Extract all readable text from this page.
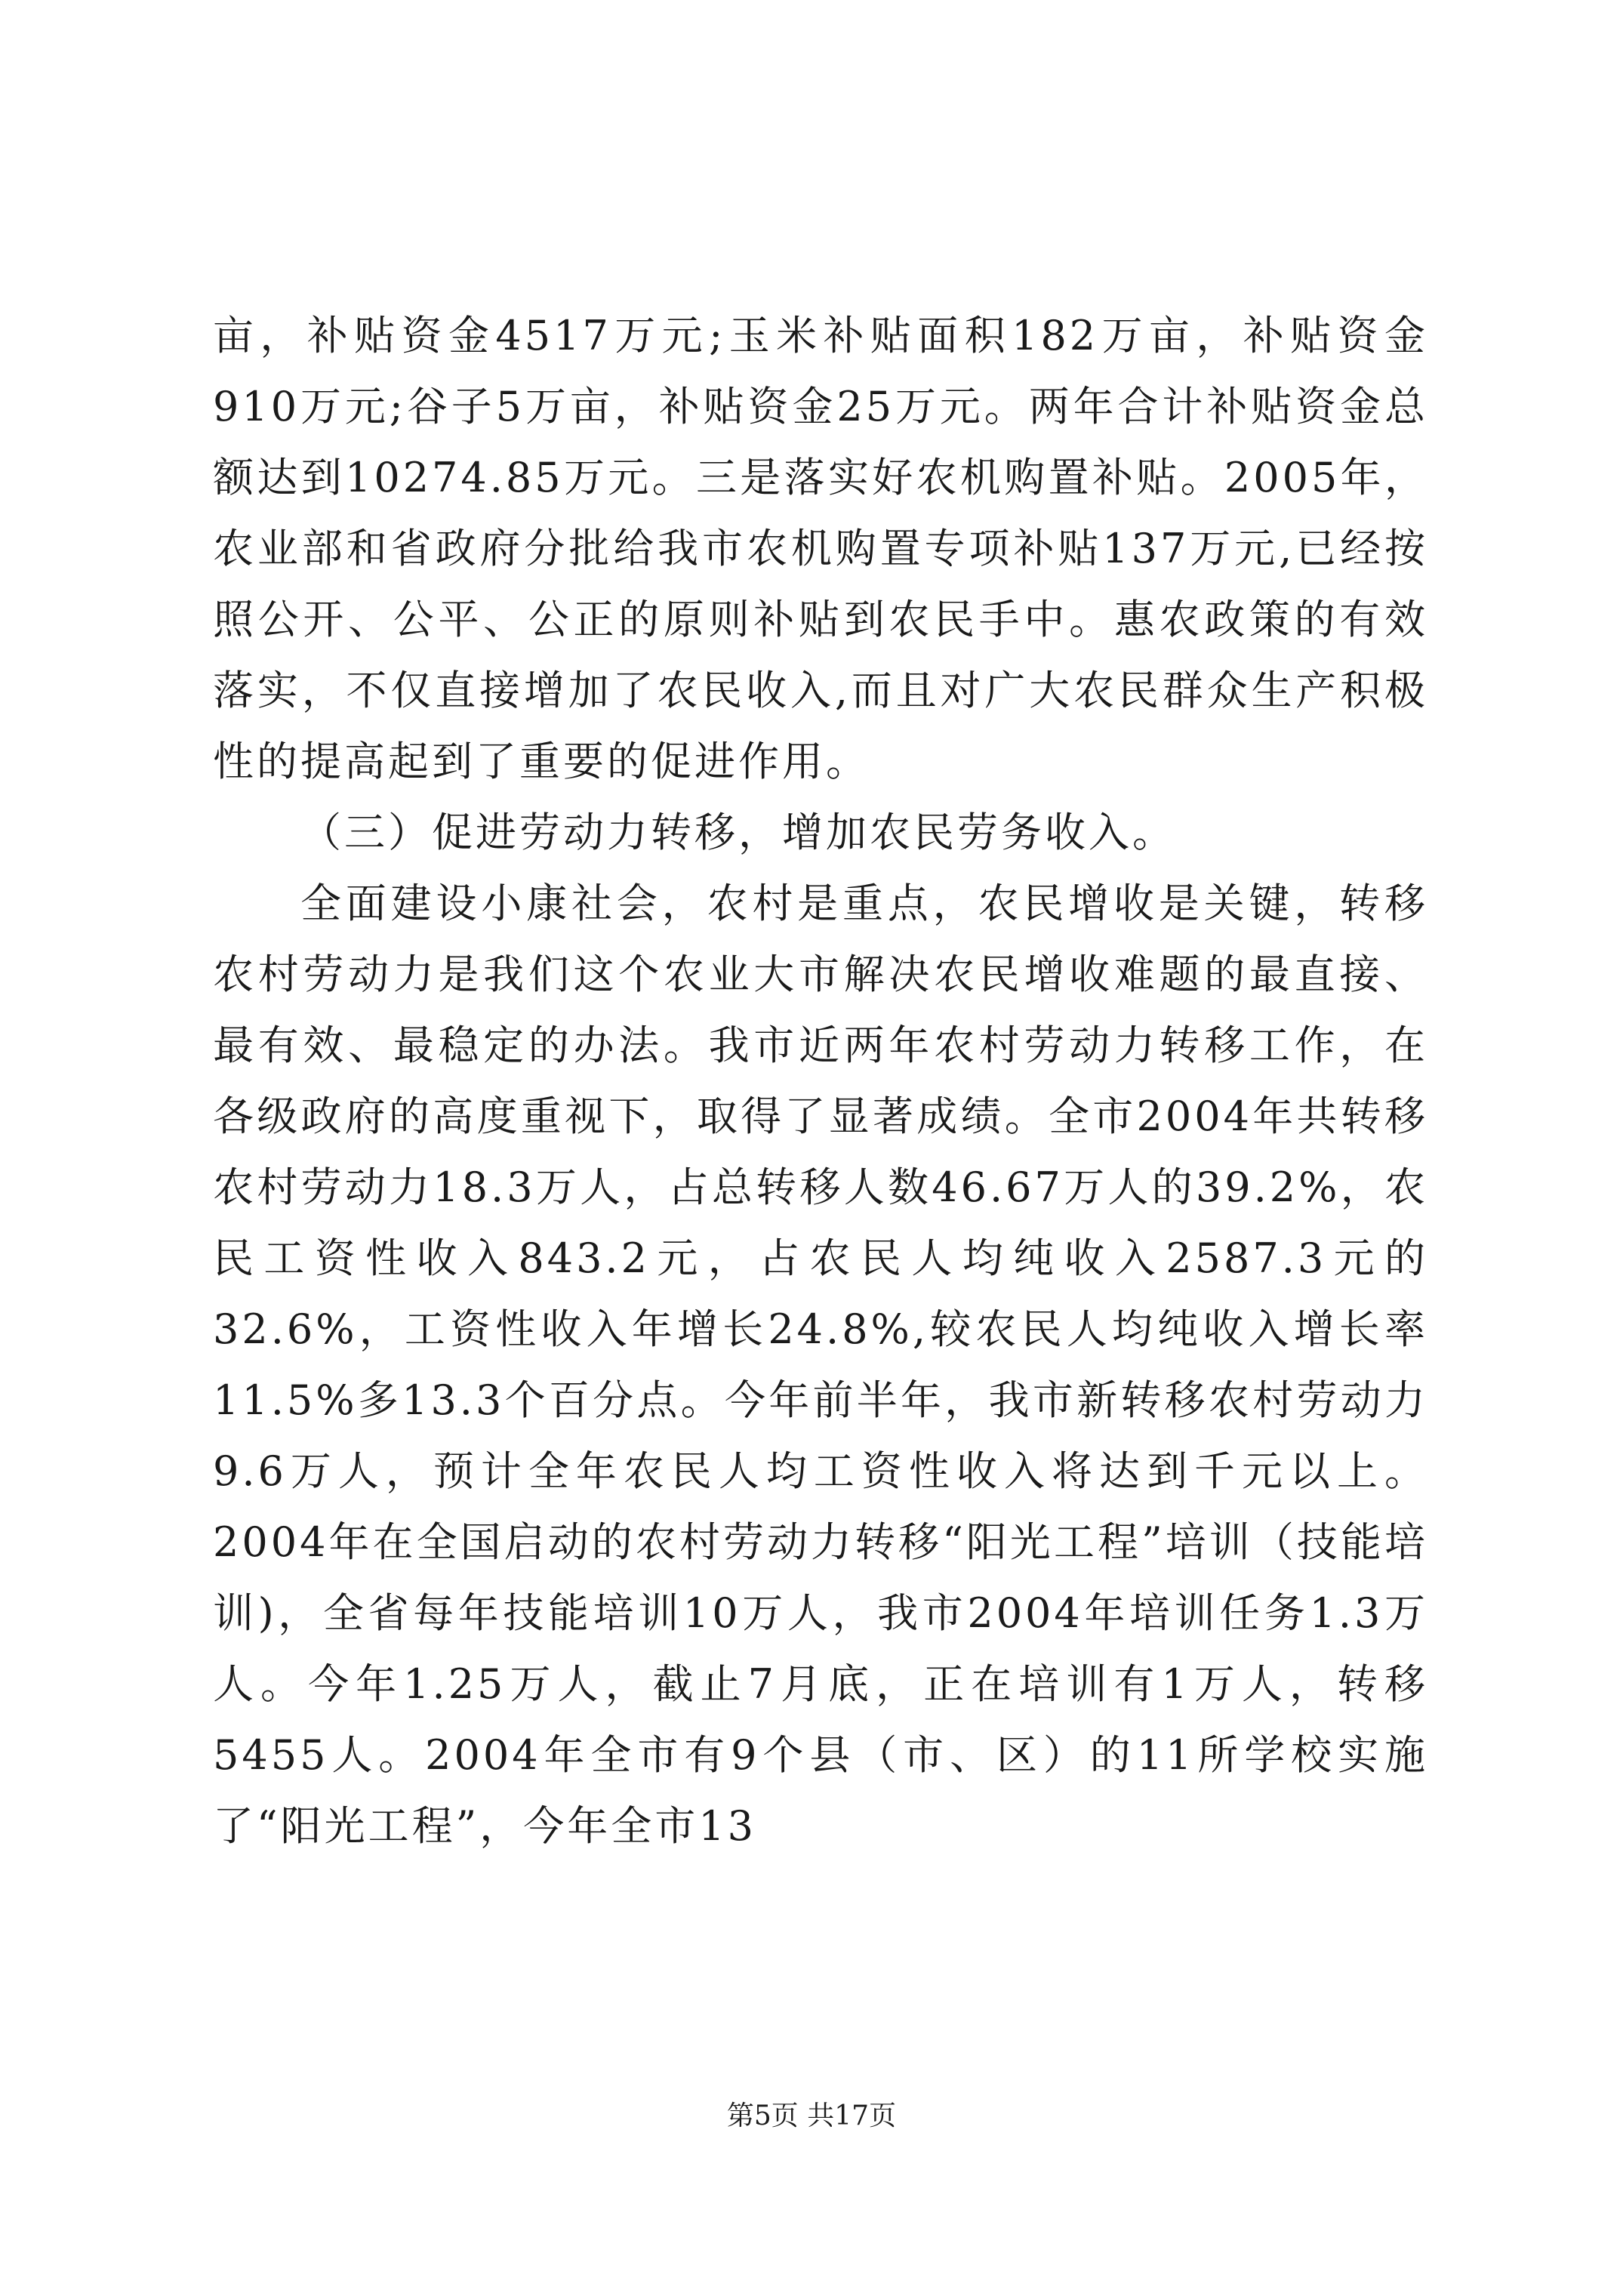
亩，补贴资金4517万元;玉米补贴面积182万亩，补贴资金910万元;谷子5万亩，补贴资金25万元。两年合计补贴资金总额达到10274.85万元。三是落实好农机购置补贴。2005年，农业部和省政府分批给我市农机购置专项补贴137万元,已经按照公开、公平、公正的原则补贴到农民手中。惠农政策的有效落实，不仅直接增加了农民收入,而且对广大农民群众生产积极性的提高起到了重要的促进作用。

（三）促进劳动力转移，增加农民劳务收入。

全面建设小康社会，农村是重点，农民增收是关键，转移农村劳动力是我们这个农业大市解决农民增收难题的最直接、最有效、最稳定的办法。我市近两年农村劳动力转移工作，在各级政府的高度重视下，取得了显著成绩。全市2004年共转移农村劳动力18.3万人，占总转移人数46.67万人的39.2%，农民工资性收入843.2元，占农民人均纯收入2587.3元的32.6%，工资性收入年增长24.8%,较农民人均纯收入增长率11.5%多13.3个百分点。今年前半年，我市新转移农村劳动力9.6万人，预计全年农民人均工资性收入将达到千元以上。2004年在全国启动的农村劳动力转移“阳光工程”培训（技能培训)，全省每年技能培训10万人，我市2004年培训任务1.3万人。今年1.25万人，截止7月底，正在培训有1万人，转移5455人。2004年全市有9个县（市、区）的11所学校实施了“阳光工程”，今年全市13

第5页 共17页
